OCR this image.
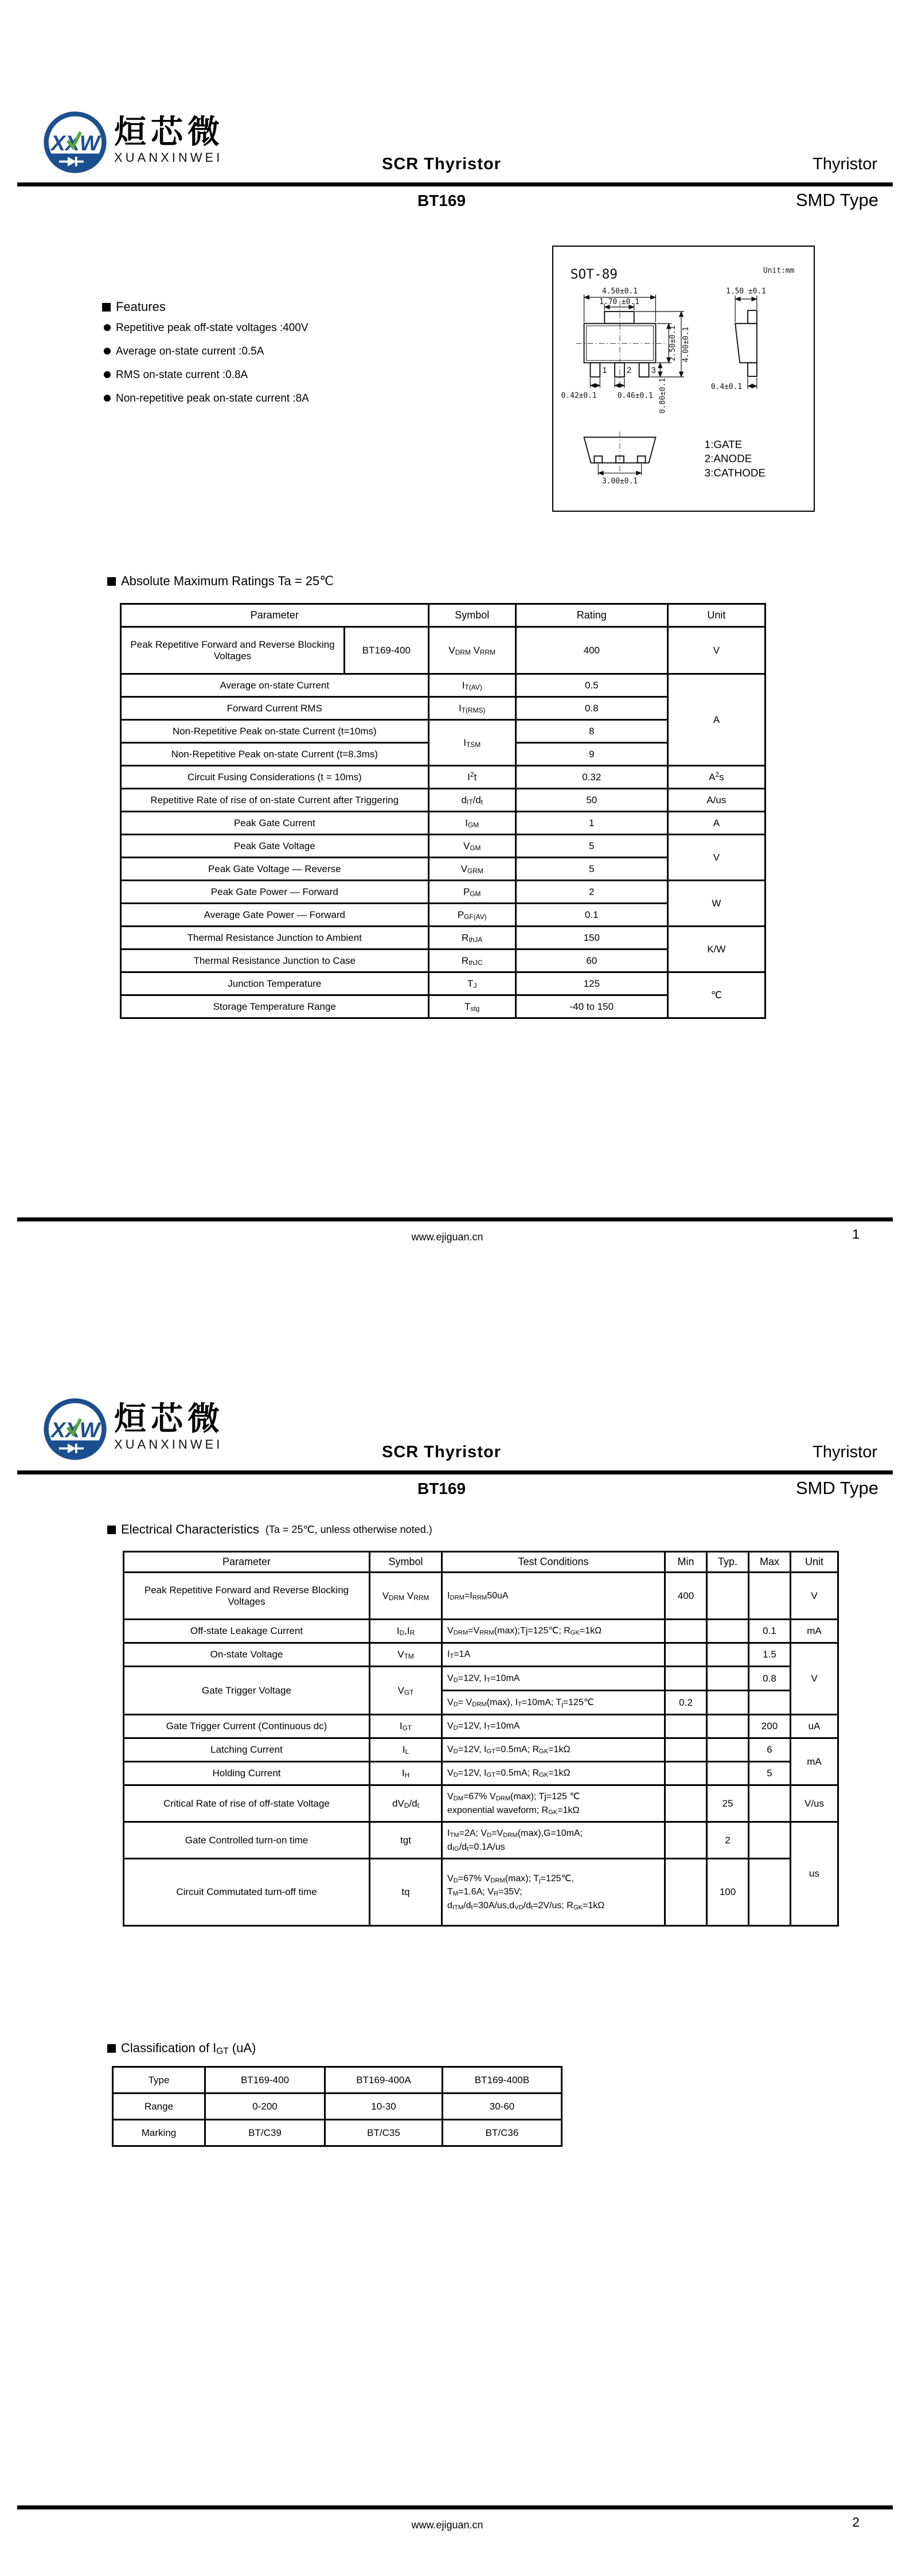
XXW 烜芯微
XUANXINWEI	SCR Thyristor	Thyristor
BT169	SMD Type
Features
Repetitive peak off-state voltages :400V
Average on-state current :0.5A
RMS on-state current :0.8A
Non-repetitive peak on-state current :8A
SOT-89	Unit:mm
1 2 3
4.50±0.1
1.70 ±0.1
2.50±0.1 4.00±0.1
0.80±0.1
0.42±0.1	0.46±0.1
1.50 ±0.1
0.4±0.1
3.00±0.1
1:GATE
2:ANODE
3:CATHODE
Absolute Maximum Ratings Ta = 25℃
Parameter		Symbol	Rating	Unit
Peak Repetitive Forward and Reverse Blocking Voltages	BT169-400	$V_{DRM}$ $V_{RRM}$	400	V
Average on-state Current		$I_{T(AV)}$	0.5	A
Forward Current RMS		$I_{T(RMS)}$	0.8	
Non-Repetitive Peak on-state Current (t=10ms)		$I_{TSM}$	8	
Non-Repetitive Peak on-state Current (t=8.3ms)			9	
Circuit Fusing Considerations (t = 10ms)		$I^2t$	0.32	$A^2s$
Repetitive Rate of rise of on-state Current after Triggering		$d_{IT}/d_t$	50	A/us
Peak Gate Current		$I_{GM}$	1	A
Peak Gate Voltage		$V_{GM}$	5	V
Peak Gate Voltage — Reverse		$V_{GRM}$	5	
Peak Gate Power — Forward		$P_{GM}$	2	W
Average Gate Power — Forward		$P_{GF(AV)}$	0.1	
Thermal Resistance Junction to Ambient		$R_{thJA}$	150	K/W
Thermal Resistance Junction to Case		$R_{thJC}$	60	
Junction Temperature		$T_J$	125	℃
Storage Temperature Range		$T_{stg}$	-40 to 150	
www.ejiguan.cn	1
XXW 烜芯微
XUANXINWEI	SCR Thyristor	Thyristor
BT169	SMD Type
Electrical Characteristics (Ta = 25℃, unless otherwise noted.)
Parameter	Symbol	Test Conditions	Min	Typ.	Max	Unit
Peak Repetitive Forward and Reverse Blocking Voltages	$V_{DRM}$ $V_{RRM}$	$I_{DRM}=I_{RRM}50uA$	400			V
Off-state Leakage Current	$I_D,I_R$	$V_{DRM}=V_{RRM}(\max);Tj=125℃$; $R_{GK}=1k\Omega$			0.1	mA
On-state Voltage	$V_{TM}$	$I_T=1A$			1.5	V
Gate Trigger Voltage	$V_{GT}$	$V_D=12V$, $I_T=10mA$			0.8	
		$V_D= V_{DRM}(\max)$, $I_T=10mA$; $T_j=125℃$	0.2			
Gate Trigger Current (Continuous dc)	$I_{GT}$	$V_D=12V$, $I_T=10mA$			200	uA
Latching Current	$I_L$	$V_D=12V$, $I_{GT}=0.5mA$; $R_{GK}=1k\Omega$			6	mA
Holding Current	$I_H$	$V_D=12V$, $I_{GT}=0.5mA$; $R_{GK}=1k\Omega$			5	
Critical Rate of rise of off-state Voltage	$dV_D/d_t$	$V_{DM}=67\%$ $V_{DRM}(\max)$; Tj=125 ℃
exponential waveform; $R_{GK}=1k\Omega$		25		V/us
Gate Controlled turn-on time	tgt	$I_{TM}=2A$; $V_D=V_{DRM}(\max),G=10mA$;
$d_{IG}/d_t=0.1A/us$		2		us
Circuit Commutated turn-off time	tq	$V_D=67\%$ $V_{DRM}(\max)$; $T_j=125℃$,
$T_M=1.6A$; $V_R=35V$;
$d_{ITM}/d_t=30A/us,d_{VD}/d_t=2V/us$; $R_{GK}=1k\Omega$		100		
Classification of $I_{GT}$ (uA)
Type	BT169-400	BT169-400A	BT169-400B
Range	0-200	10-30	30-60
Marking	BT/C39	BT/C35	BT/C36
www.ejiguan.cn	2
